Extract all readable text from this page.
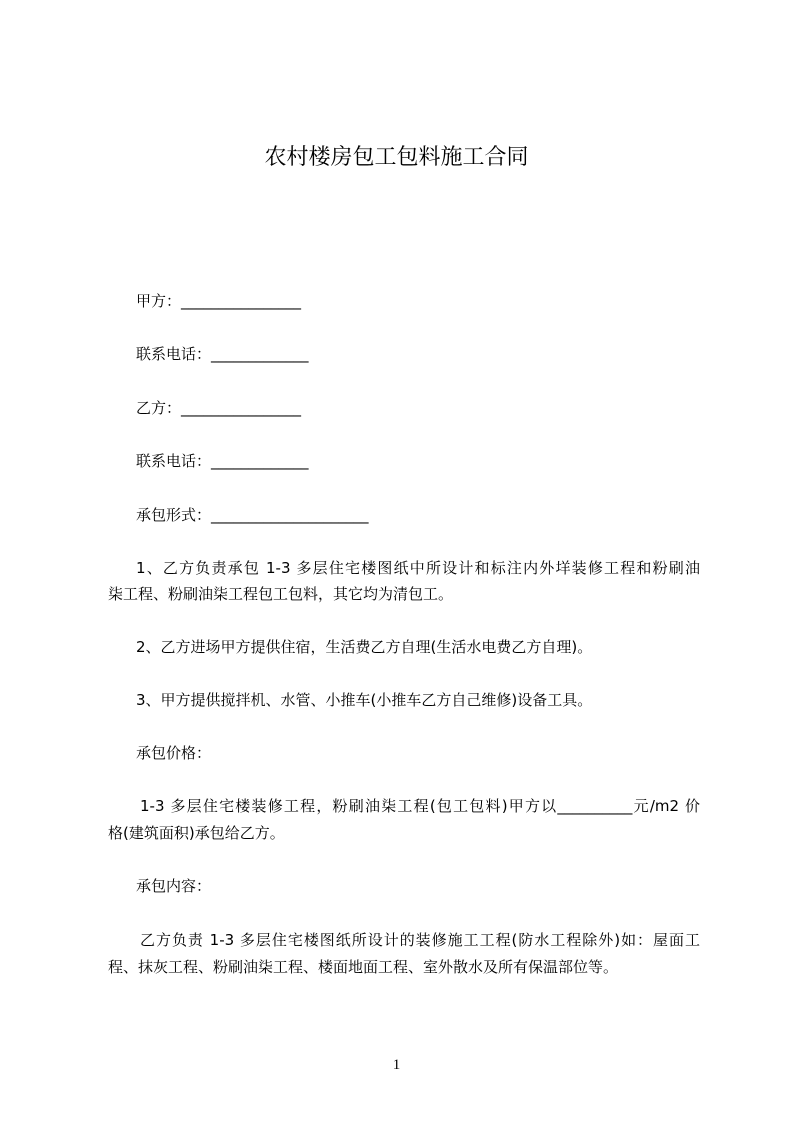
农村楼房包工包料施工合同
甲方：________________
联系电话：_____________
乙方：________________
联系电话：_____________
承包形式：_____________________
1、乙方负责承包 1-3 多层住宅楼图纸中所设计和标注内外垟装修工程和粉刷油
柒工程、粉刷油柒工程包工包料，其它均为清包工。
2、乙方进场甲方提供住宿，生活费乙方自理(生活水电费乙方自理)。
3、甲方提供搅拌机、水管、小推车(小推车乙方自己维修)设备工具。
承包价格：
1-3 多层住宅楼装修工程，粉刷油柒工程(包工包料)甲方以__________元/m2 价
格(建筑面积)承包给乙方。
承包内容：
乙方负责 1-3 多层住宅楼图纸所设计的装修施工工程(防水工程除外)如：屋面工
程、抹灰工程、粉刷油柒工程、楼面地面工程、室外散水及所有保温部位等。
1
